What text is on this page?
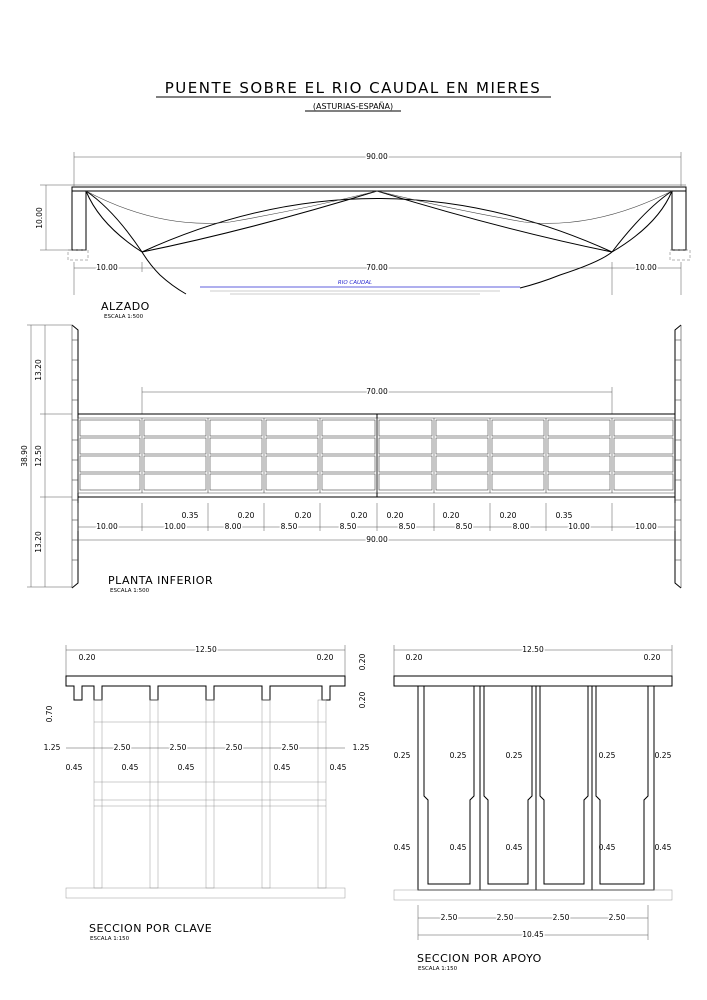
PUENTE SOBRE EL RIO CAUDAL EN MIERES
(ASTURIAS-ESPAÑA)
90.00
10.00
10.00	70.00	10.00
RIO CAUDAL
ALZADO
ESCALA 1:500
13.20
12.50
13.20
38.90
70.00
0.35	0.20	0.20	0.20	0.20	0.20	0.20	0.35
10.00	10.00	8.00	8.50	8.50	8.50	8.50	8.00	10.00	10.00
90.00
PLANTA INFERIOR
ESCALA 1:500
12.50
0.20	0.20	0.20
0.20
0.70
1.25	1.25
2.50	2.50	2.50	2.50
0.45	0.45	0.45	0.45	0.45
SECCION POR CLAVE
ESCALA 1:150
12.50
0.20	0.20
0.25	0.25	0.25	0.25	0.25
0.45	0.45	0.45	0.45	0.45
2.50	2.50	2.50	2.50
10.45
SECCION POR APOYO
ESCALA 1:150
